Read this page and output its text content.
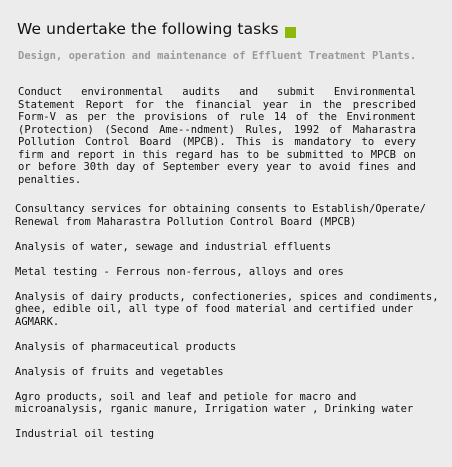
We undertake the following tasks
Design, operation and maintenance of Effluent Treatment Plants.

Conduct environmental audits and submit Environmental Statement Report for the financial year in the prescribed Form-V as per the provisions of rule 14 of the Environment (Protection) (Second Ame--ndment) Rules, 1992 of Maharastra Pollution Control Board (MPCB). This is mandatory to every firm and report in this regard has to be submitted to MPCB on or before 30th day of September every year to avoid fines and penalties.

Consultancy services for obtaining consents to Establish/Operate/ Renewal from Maharastra Pollution Control Board (MPCB)
Analysis of water, sewage and industrial effluents
Metal testing - Ferrous non-ferrous, alloys and ores
Analysis of dairy products, confectioneries, spices and condiments, ghee, edible oil, all type of food material and certified under AGMARK.
Analysis of pharmaceutical products
Analysis of fruits and vegetables
Agro products, soil and leaf and petiole for macro and microanalysis, rganic manure, Irrigation water , Drinking water
Industrial oil testing
